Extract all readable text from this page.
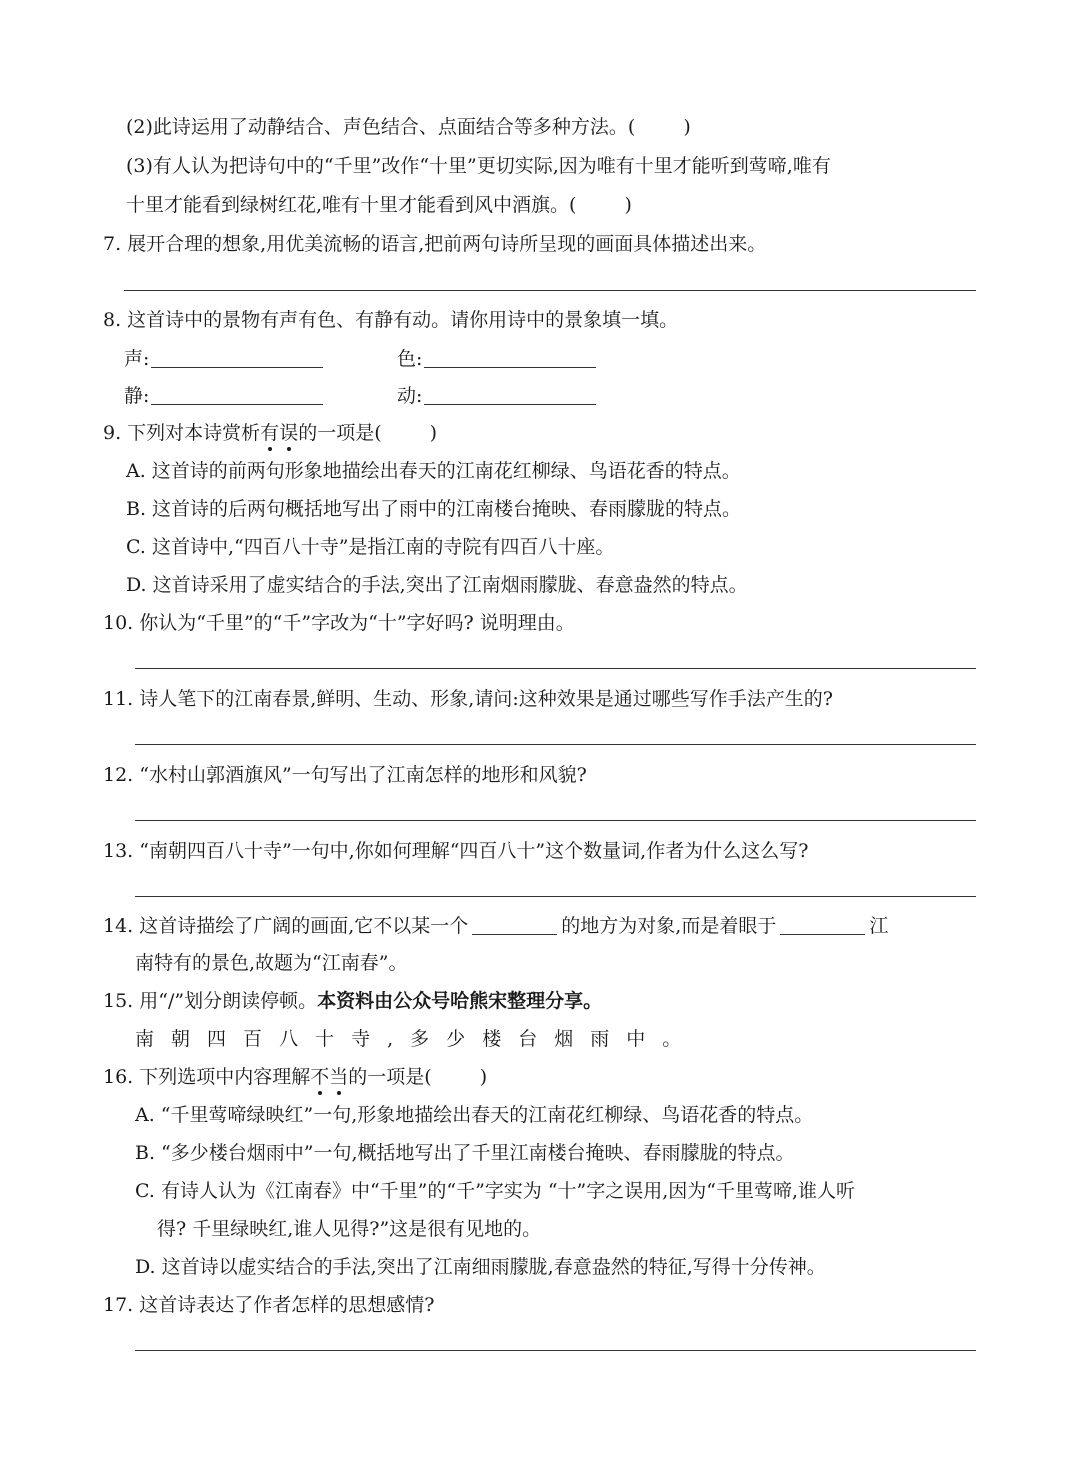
(2)此诗运用了动静结合、声色结合、点面结合等多种方法。(	)
(3)有人认为把诗句中的“千里”改作“十里”更切实际,因为唯有十里才能听到莺啼,唯有
十里才能看到绿树红花,唯有十里才能看到风中酒旗。(	)
7. 展开合理的想象,用优美流畅的语言,把前两句诗所呈现的画面具体描述出来。
8. 这首诗中的景物有声有色、有静有动。请你用诗中的景象填一填。
声:	色:
静:	动:
9. 下列对本诗赏析有误的一项是(	)
A. 这首诗的前两句形象地描绘出春天的江南花红柳绿、鸟语花香的特点。
B. 这首诗的后两句概括地写出了雨中的江南楼台掩映、春雨朦胧的特点。
C. 这首诗中,“四百八十寺”是指江南的寺院有四百八十座。
D. 这首诗采用了虚实结合的手法,突出了江南烟雨朦胧、春意盎然的特点。
10. 你认为“千里”的“千”字改为“十”字好吗? 说明理由。
11. 诗人笔下的江南春景,鲜明、生动、形象,请问:这种效果是通过哪些写作手法产生的?
12. “水村山郭酒旗风”一句写出了江南怎样的地形和风貌?
13. “南朝四百八十寺”一句中,你如何理解“四百八十”这个数量词,作者为什么这么写?
14. 这首诗描绘了广阔的画面,它不以某一个	的地方为对象,而是着眼于	江
南特有的景色,故题为“江南春”。
15. 用“/”划分朗读停顿。本资料由公众号哈熊宋整理分享。
南 朝 四 百 八 十 寺 , 多 少 楼 台 烟 雨 中 。
16. 下列选项中内容理解不当的一项是(	)
A. “千里莺啼绿映红”一句,形象地描绘出春天的江南花红柳绿、鸟语花香的特点。
B. “多少楼台烟雨中”一句,概括地写出了千里江南楼台掩映、春雨朦胧的特点。
C. 有诗人认为《江南春》中“千里”的“千”字实为 “十”字之误用,因为“千里莺啼,谁人听
得? 千里绿映红,谁人见得?”这是很有见地的。
D. 这首诗以虚实结合的手法,突出了江南细雨朦胧,春意盎然的特征,写得十分传神。
17. 这首诗表达了作者怎样的思想感情?
